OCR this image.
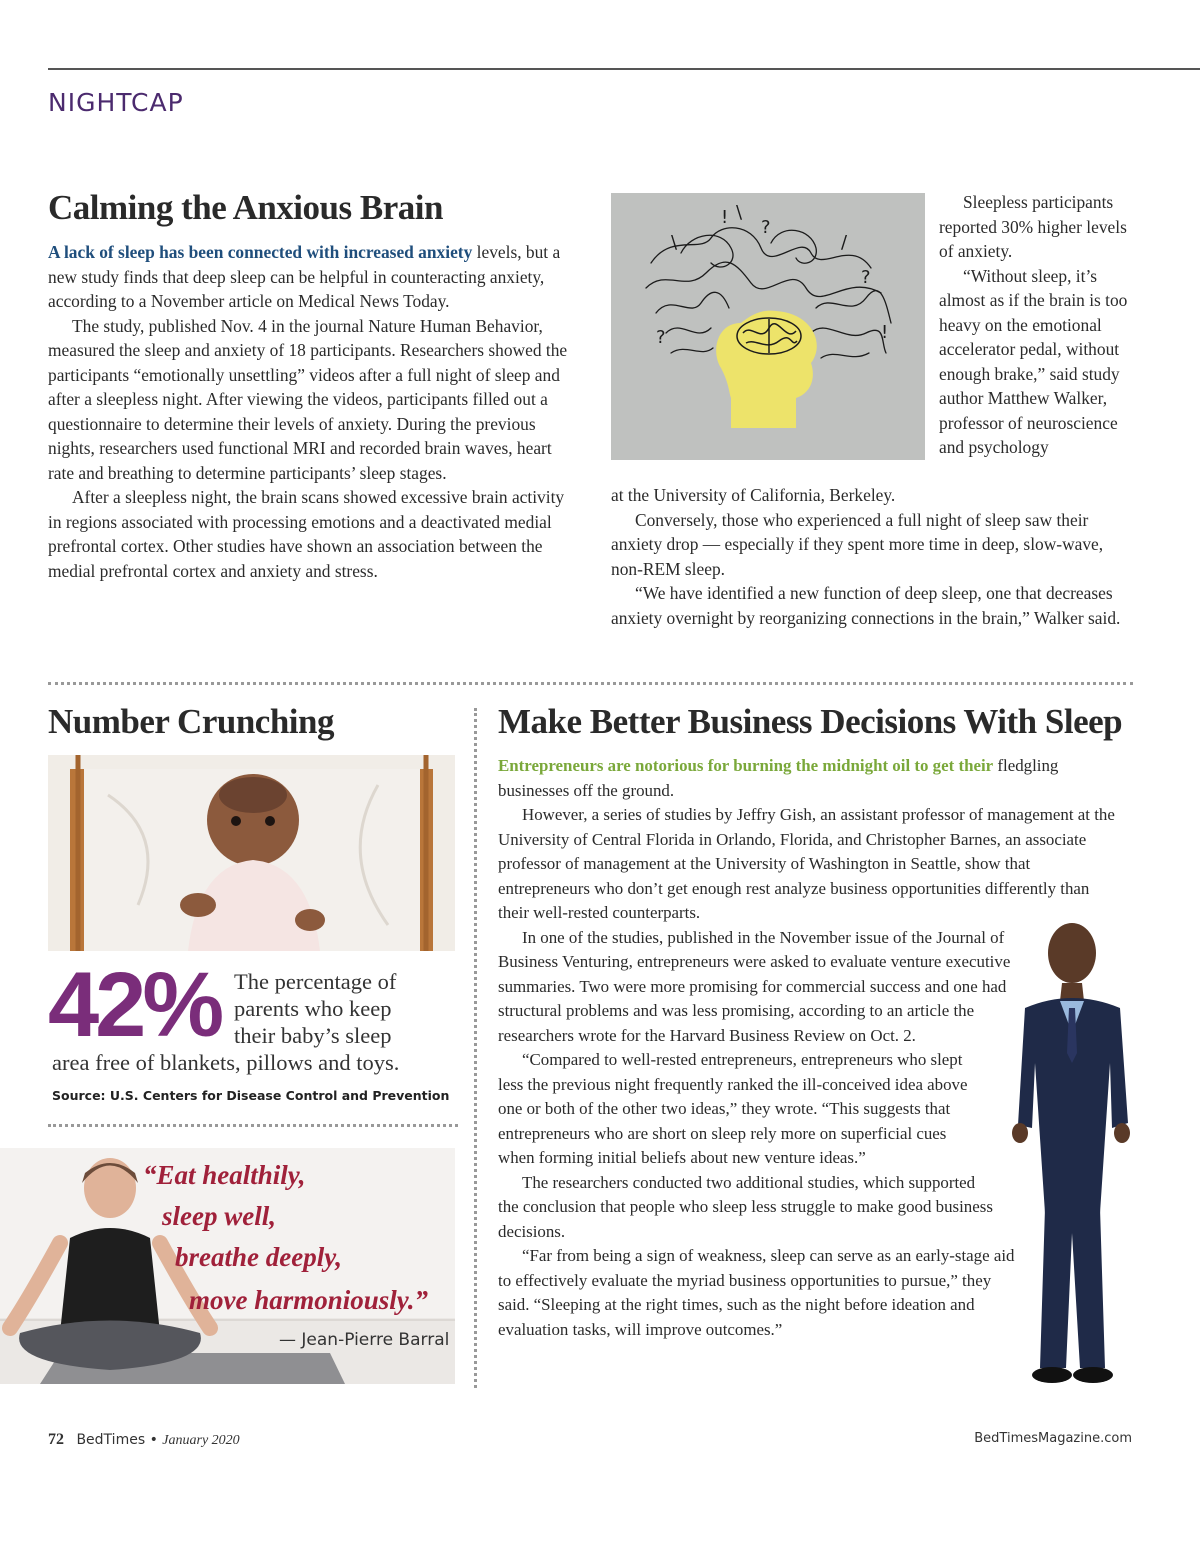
NIGHTCAP
Calming the Anxious Brain

A lack of sleep has been connected with increased anxiety levels, but a new study finds that deep sleep can be helpful in counteracting anxiety, according to a November article on Medical News Today.

The study, published Nov. 4 in the journal Nature Human Behavior, measured the sleep and anxiety of 18 participants. Researchers showed the participants “emotionally unsettling” videos after a full night of sleep and after a sleepless night. After viewing the videos, participants filled out a questionnaire to determine their levels of anxiety. During the previous nights, researchers used functional MRI and recorded brain waves, heart rate and breathing to determine participants’ sleep stages.

After a sleepless night, the brain scans showed excessive brain activity in regions associated with processing emotions and a deactivated medial prefrontal cortex. Other studies have shown an association between the medial prefrontal cortex and anxiety and stress.

! \
?
/
?
?	!
\

Sleepless participants reported 30% higher levels of anxiety.

“Without sleep, it’s almost as if the brain is too heavy on the emotional accelerator pedal, without enough brake,” said study author Matthew Walker, professor of neuroscience and psychology

at the University of California, Berkeley.

Conversely, those who experienced a full night of sleep saw their anxiety drop — especially if they spent more time in deep, slow-wave, non-REM sleep.

“We have identified a new function of deep sleep, one that decreases anxiety overnight by reorganizing connections in the brain,” Walker said.

Number Crunching
42% The percentage of
parents who keep
their baby’s sleep
area free of blankets, pillows and toys.
Source: U.S. Centers for Disease Control and Prevention
“Eat healthily,
sleep well,
breathe deeply,
move harmoniously.”
— Jean-Pierre Barral
Make Better Business Decisions With Sleep

Entrepreneurs are notorious for burning the midnight oil to get their fledgling businesses off the ground.

However, a series of studies by Jeffry Gish, an assistant professor of management at the University of Central Florida in Orlando, Florida, and Christopher Barnes, an associate professor of management at the University of Washington in Seattle, show that entrepreneurs who don’t get enough rest analyze business opportunities differently than their well-rested counterparts.

In one of the studies, published in the November issue of the Journal of Business Venturing, entrepreneurs were asked to evaluate venture executive summaries. Two were more promising for commercial success and one had structural problems and was less promising, according to an article the researchers wrote for the Harvard Business Review on Oct. 2.

“Compared to well-rested entrepreneurs, entrepreneurs who slept less the previous night frequently ranked the ill-conceived idea above one or both of the other two ideas,” they wrote. “This suggests that entrepreneurs who are short on sleep rely more on superficial cues when forming initial beliefs about new venture ideas.”

The researchers conducted two additional studies, which supported the conclusion that people who sleep less struggle to make good business decisions.

“Far from being a sign of weakness, sleep can serve as an early-stage aid to effectively evaluate the myriad business opportunities to pursue,” they said. “Sleeping at the right times, such as the night before ideation and evaluation tasks, will improve outcomes.”

72 BedTimes • January 2020	BedTimesMagazine.com
